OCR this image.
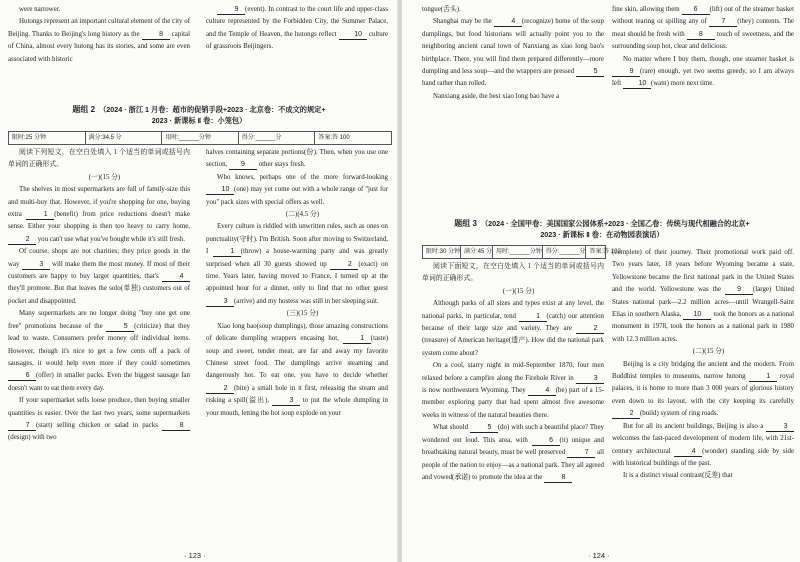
were narrower.

Hutongs represent an important cultural element of the city of Beijing. Thanks to Beijing's long history as the	8 capital of China, almost every hutong has its stories, and some are even associated with historic

9 (event). In contrast to the court life and upper-class culture represented by the Forbidden City, the Summer Palace, and the Temple of Heaven, the hutongs reflect 10 culture of grassroots Beijingers.

题组 2 （2024 · 浙江 1 月卷：超市的促销手段+2023 · 北京卷：不成文的规定+
2023 · 新课标 Ⅱ 卷：小笼包）
限时:25 分钟	满分:34.5 分	用时:______分钟	得分:______分	答案:答 100

阅读下列短文，在空白处填入 1 个适当的单词或括号内单词的正确形式。

(一)(15 分)

The shelves in most supermarkets are full of family-size this and multi-buy that. However, if you're shopping for one, buying extra	1 (benefit) from price reductions doesn't make sense. Either your shopping is then too heavy to carry home, 2 you can't use what you've bought while it's still fresh.

Of course, shops are not charities; they price goods in the way	3 will make them the most money. If most of their customers are happy to buy larger quantities, that's	4 they'll promote. But that leaves the solo(单独) customers out of pocket and disappointed.

Many supermarkets are no longer doing "buy one get one free" promotions because of the	5 (criticize) that they lead to waste. Consumers prefer money off individual items. However, though it's nice to get a few cents off a pack of sausages, it would help even more if they could sometimes 6 (offer) in smaller packs. Even the biggest sausage fan doesn't want to eat them every day.

If your supermarket sells loose produce, then buying smaller quantities is easier. Over the last two years, some supermarkets 7 (start) selling chicken or salad in packs	8(design) with two

halves containing separate portions(份). Then, when you use one section, 9 other stays fresh.

Who knows, perhaps one of the more forward-looking 10 (one) may yet come out with a whole range of "just for you" pack sizes with special offers as well.

(二)(4.5 分)

Every culture is riddled with unwritten rules, such as ones on punctuality(守时). I'm British. Soon after moving to Switzerland, I	1 (throw) a house-warming party and was greatly surprised when all 30 guests showed up	2 (exact) on time. Years later, having moved to France, I turned up at the appointed hour for a dinner, only to find that no other guest 3 (arrive) and my hostess was still in her sleeping suit.

(三)(15 分)

Xiao long bao(soup dumplings), those amazing constructions of delicate dumpling wrappers encasing hot,	1 (taste) soup and sweet, tender meat, are far and away my favorite Chinese street food. The dumplings arrive steaming and dangerously hot. To eat one, you have to decide whether 2 (bite) a small hole in it first, releasing the steam and risking a spill(溢出),	3 to put the whole dumpling in your mouth, letting the hot soup explode on your

· 123 ·

tongue(舌头).

Shanghai may be the	4 (recognize) home of the soup dumplings, but food historians will actually point you to the neighboring ancient canal town of Nanxiang as xiao long bao's birthplace. There, you will find them prepared differently—more dumpling and less soup—and the wrappers are pressed	5 hand rather than rolled.

Nanxiang aside, the best xiao long bao have a

fine skin, allowing them 6 (lift) out of the steamer basket without tearing or spilling any of 7 (they) contents. The meat should be fresh with 8 touch of sweetness, and the surrounding soup hot, clear and delicious.

No matter where I buy them, though, one steamer basket is 9 (rare) enough, yet two seems greedy, so I am always left 10 (want) more next time.

题组 3 （2024 · 全国甲卷：美国国家公园体系+2023 · 全国乙卷：传统与现代相融合的北京+
2023 · 新课标 Ⅱ 卷：在动物园表演话）
限时:30 分钟 满分:45 分 用时:______分钟 得分:______分 答案:答 102

阅读下面短文，在空白处填入 1 个适当的单词或括号内单词的正确形式。

(一)(15 分)

Although parks of all sizes and types exist at any level, the national parks, in particular, tend	1 (catch) our attention because of their large size and variety. They are	2(treasure) of American heritage(遗产). How did the national park system come about?

On a cool, starry night in mid-September 1870, four men relaxed before a campfire along the Firehole River in	3 is now northwestern Wyoming. They	4 (be) part of a 15-member exploring party that had spent almost five awesome weeks in witness of the natural beauties there.

What should	5 (do) with such a beautiful place? They wondered out loud. This area, with	6 (it) unique and breathtaking natural beauty, must be well preserved	7 all people of the nation to enjoy—as a national park. They all agreed and vowed(承诺) to promote the idea at the	8

(complete) of their journey. Their promotional work paid off. Two years later, 18 years before Wyoming became a state, Yellowstone became the first national park in the United States and the world. Yellowstone was the 9 (large) United States national park—2.2 million acres—until Wrangell-Saint Elias in southern Alaska, 10 took the honors as a national monument in 1978, took the honors as a national park in 1980 with 12.3 million acres.

(二)(15 分)

Beijing is a city bridging the ancient and the modern. From Buddhist temples to museums, narrow hutong	1 royal palaces, it is home to more than 3 000 years of glorious history even down to its layout, with the city keeping its carefully 2 (build) system of ring roads.

But for all its ancient buildings, Beijing is also a	3 welcomes the fast-paced development of modern life, with 21st-century architectural	4 (wonder) standing side by side with historical buildings of the past.

It is a distinct visual contrast(反差) that

· 124 ·
